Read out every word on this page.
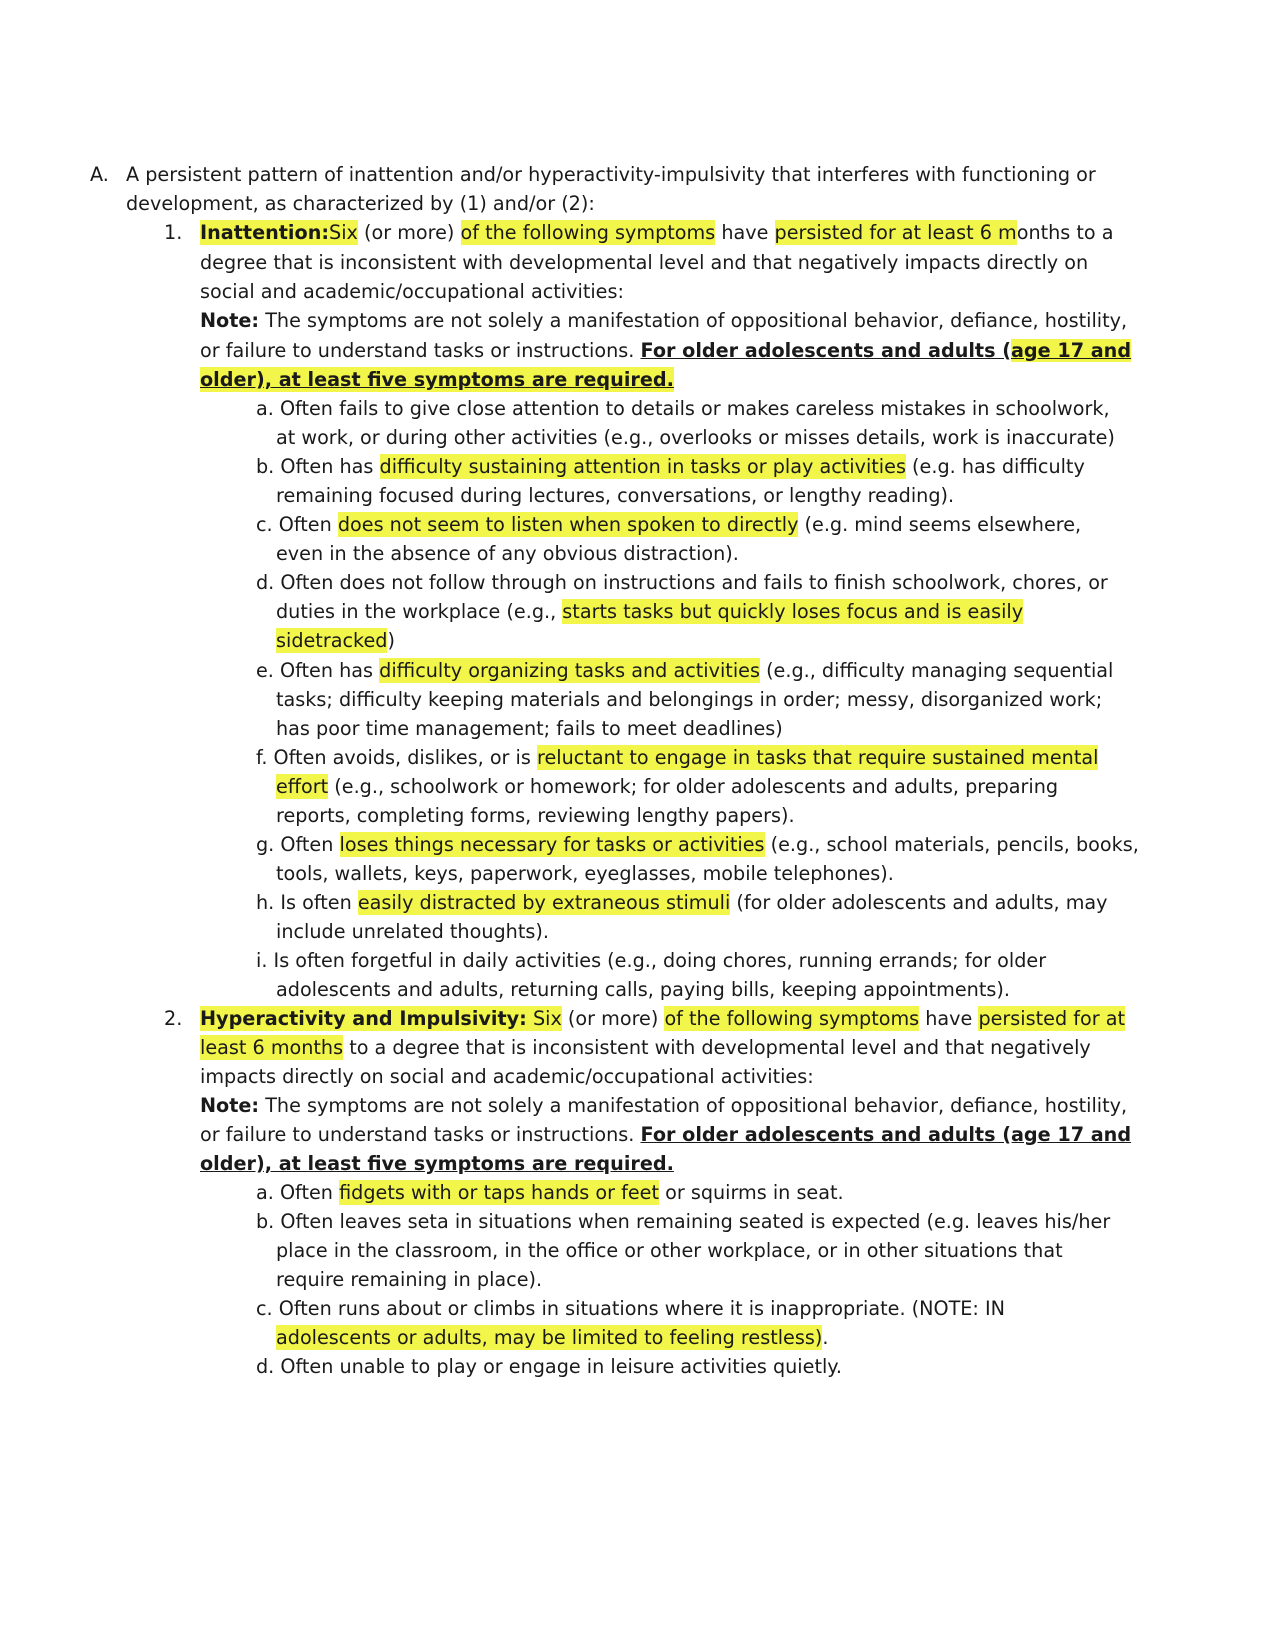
A. A persistent pattern of inattention and/or hyperactivity-impulsivity that interferes with functioning or
development, as characterized by (1) and/or (2):
1. Inattention:Six (or more) of the following symptoms have persisted for at least 6 months to a
degree that is inconsistent with developmental level and that negatively impacts directly on
social and academic/occupational activities:
Note: The symptoms are not solely a manifestation of oppositional behavior, defiance, hostility,
or failure to understand tasks or instructions. For older adolescents and adults (age 17 and
older), at least five symptoms are required.
a. Often fails to give close attention to details or makes careless mistakes in schoolwork,
at work, or during other activities (e.g., overlooks or misses details, work is inaccurate)
b. Often has difficulty sustaining attention in tasks or play activities (e.g. has difficulty
remaining focused during lectures, conversations, or lengthy reading).
c. Often does not seem to listen when spoken to directly (e.g. mind seems elsewhere,
even in the absence of any obvious distraction).
d. Often does not follow through on instructions and fails to finish schoolwork, chores, or
duties in the workplace (e.g., starts tasks but quickly loses focus and is easily
sidetracked)
e. Often has difficulty organizing tasks and activities (e.g., difficulty managing sequential
tasks; difficulty keeping materials and belongings in order; messy, disorganized work;
has poor time management; fails to meet deadlines)
f. Often avoids, dislikes, or is reluctant to engage in tasks that require sustained mental
effort (e.g., schoolwork or homework; for older adolescents and adults, preparing
reports, completing forms, reviewing lengthy papers).
g. Often loses things necessary for tasks or activities (e.g., school materials, pencils, books,
tools, wallets, keys, paperwork, eyeglasses, mobile telephones).
h. Is often easily distracted by extraneous stimuli (for older adolescents and adults, may
include unrelated thoughts).
i. Is often forgetful in daily activities (e.g., doing chores, running errands; for older
adolescents and adults, returning calls, paying bills, keeping appointments).
2. Hyperactivity and Impulsivity: Six (or more) of the following symptoms have persisted for at
least 6 months to a degree that is inconsistent with developmental level and that negatively
impacts directly on social and academic/occupational activities:
Note: The symptoms are not solely a manifestation of oppositional behavior, defiance, hostility,
or failure to understand tasks or instructions. For older adolescents and adults (age 17 and
older), at least five symptoms are required.
a. Often fidgets with or taps hands or feet or squirms in seat.
b. Often leaves seta in situations when remaining seated is expected (e.g. leaves his/her
place in the classroom, in the office or other workplace, or in other situations that
require remaining in place).
c. Often runs about or climbs in situations where it is inappropriate. (NOTE: IN
adolescents or adults, may be limited to feeling restless).
d. Often unable to play or engage in leisure activities quietly.
